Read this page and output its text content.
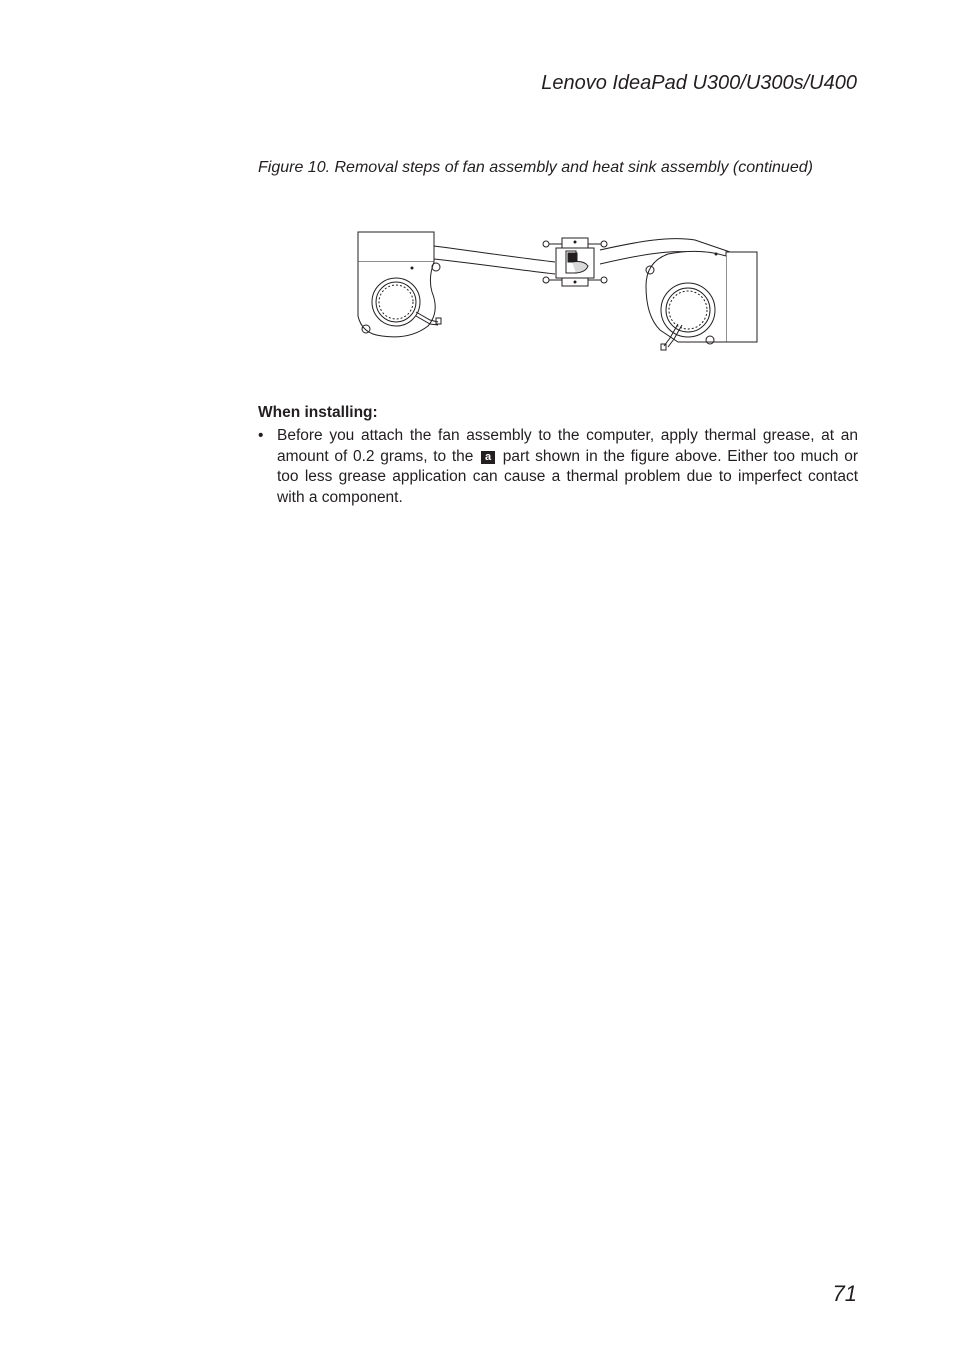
Lenovo IdeaPad U300/U300s/U400
Figure 10. Removal steps of fan assembly and heat sink assembly (continued)
When installing:
• Before you attach the fan assembly to the computer, apply thermal grease, at an amount of 0.2 grams, to the a part shown in the figure above. Either too much or too less grease application can cause a thermal problem due to imperfect contact with a component.
71
